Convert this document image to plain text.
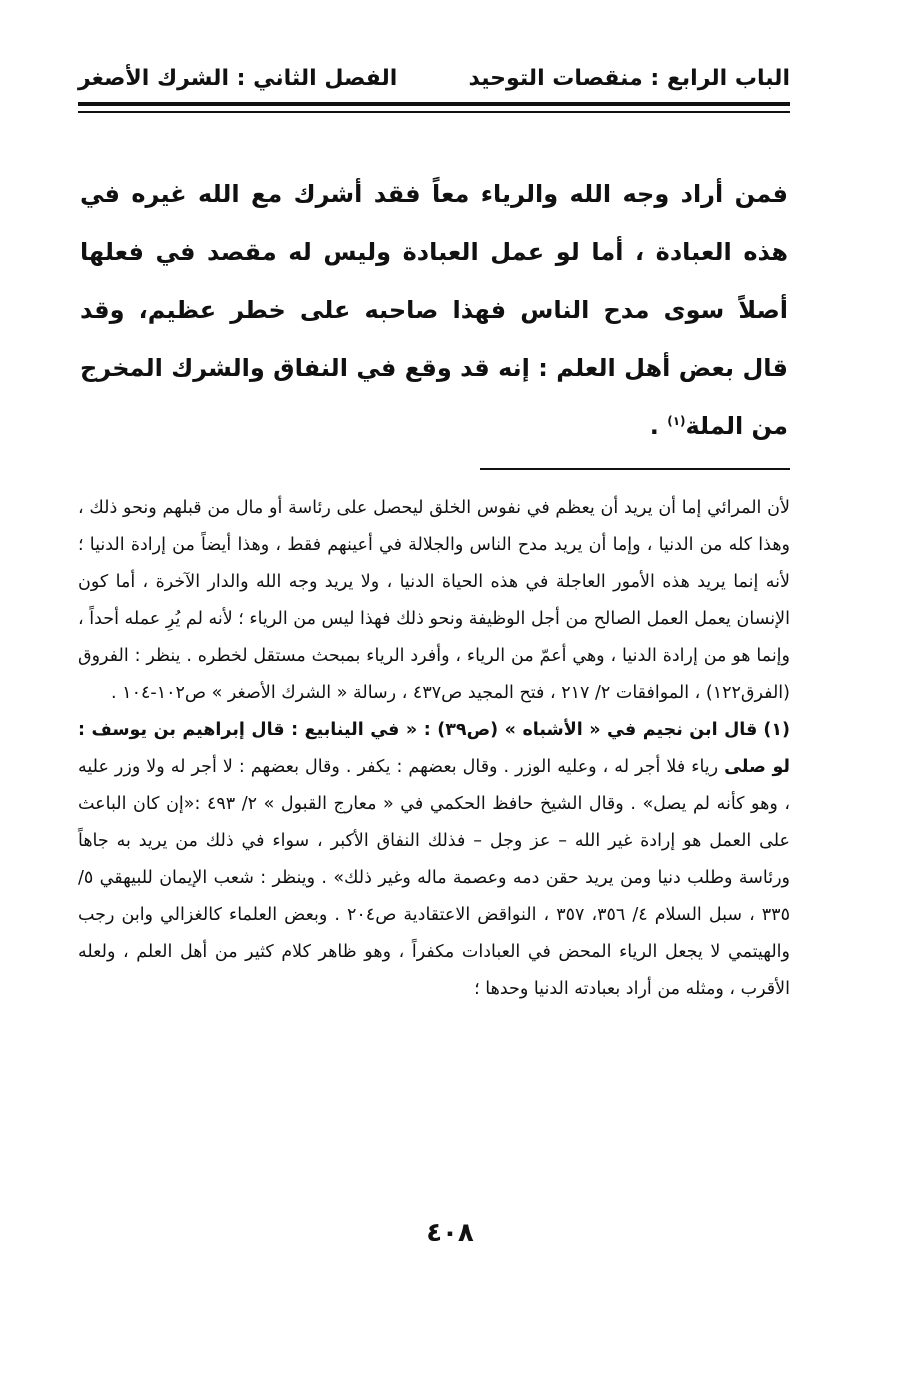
الباب الرابع : منقصات التوحيد
الفصل الثاني : الشرك الأصغر
فمن أراد وجه الله والرياء معاً فقد أشرك مع الله غيره في هذه العبادة ، أما لو عمل العبادة وليس له مقصد في فعلها أصلاً سوى مدح الناس فهذا صاحبه على خطر عظيم، وقد قال بعض أهل العلم : إنه قد وقع في النفاق والشرك المخرج من الملة$^{(١)}$ .

لأن المرائي إما أن يريد أن يعظم في نفوس الخلق ليحصل على رئاسة أو مال من قبلهم ونحو ذلك ، وهذا كله من الدنيا ، وإما أن يريد مدح الناس والجلالة في أعينهم فقط ، وهذا أيضاً من إرادة الدنيا ؛ لأنه إنما يريد هذه الأمور العاجلة في هذه الحياة الدنيا ، ولا يريد وجه الله والدار الآخرة ، أما كون الإنسان يعمل العمل الصالح من أجل الوظيفة ونحو ذلك فهذا ليس من الرياء ؛ لأنه لم يُرِ عمله أحداً ، وإنما هو من إرادة الدنيا ، وهي أعمّ من الرياء ، وأفرد الرياء بمبحث مستقل لخطره . ينظر : الفروق (الفرق١٢٢) ، الموافقات ٢/ ٢١٧ ، فتح المجيد ص٤٣٧ ، رسالة « الشرك الأصغر » ص١٠٢-١٠٤ .

(١) قال ابن نجيم في « الأشباه » (ص٣٩) : « في الينابيع : قال إبراهيم بن يوسف : لو صلى رياء فلا أجر له ، وعليه الوزر . وقال بعضهم : يكفر . وقال بعضهم : لا أجر له ولا وزر عليه ، وهو كأنه لم يصل» . وقال الشيخ حافظ الحكمي في « معارج القبول » ٢/ ٤٩٣ :«إن كان الباعث على العمل هو إرادة غير الله – عز وجل – فذلك النفاق الأكبر ، سواء في ذلك من يريد به جاهاً ورئاسة وطلب دنيا ومن يريد حقن دمه وعصمة ماله وغير ذلك» . وينظر : شعب الإيمان للبيهقي ٥/ ٣٣٥ ، سبل السلام ٤/ ٣٥٦، ٣٥٧ ، النواقض الاعتقادية ص٢٠٤ . وبعض العلماء كالغزالي وابن رجب والهيتمي لا يجعل الرياء المحض في العبادات مكفراً ، وهو ظاهر كلام كثير من أهل العلم ، ولعله الأقرب ، ومثله من أراد بعبادته الدنيا وحدها ؛

٤٠٨
